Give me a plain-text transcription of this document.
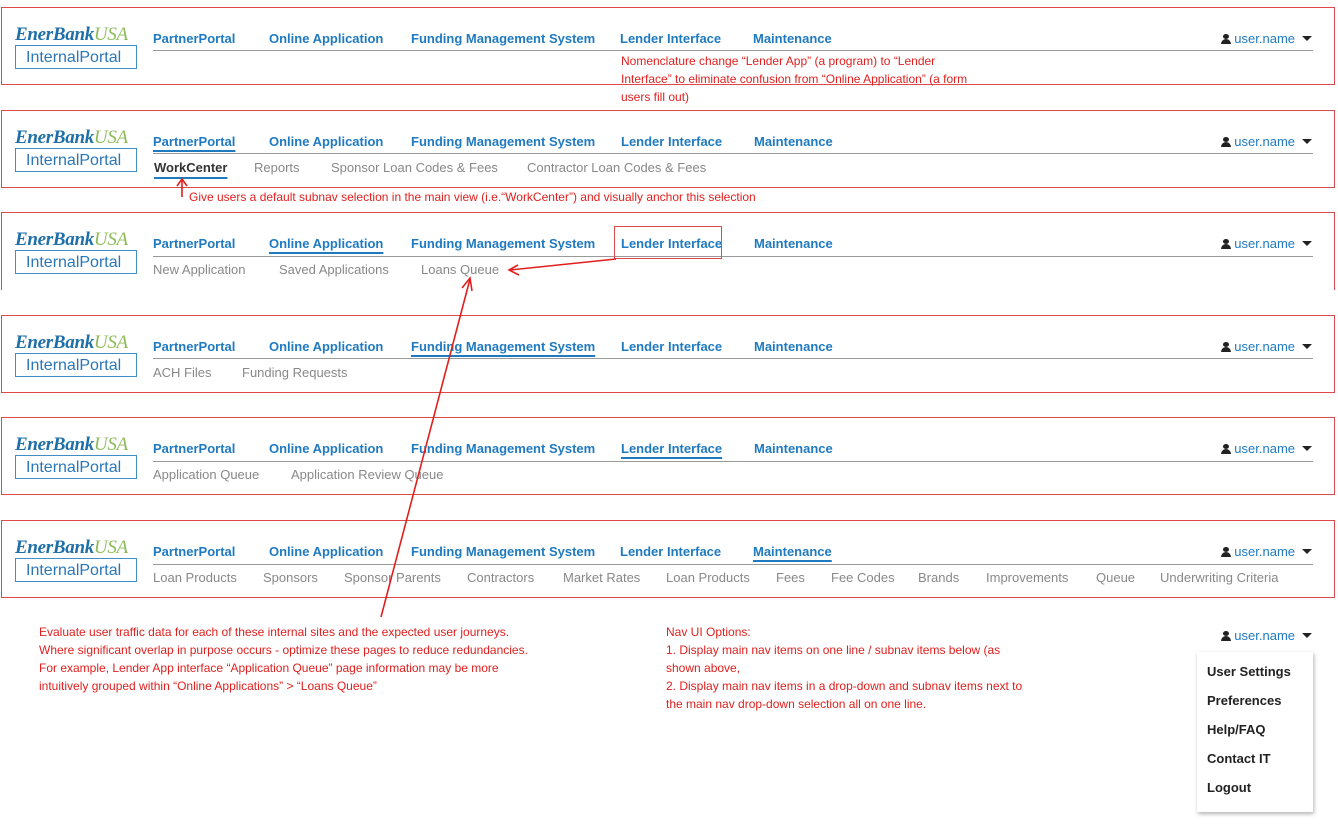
EnerBankUSA
InternalPortal
PartnerPortal	Online Application Funding Management System Lender Interface Maintenance	user.name
Nomenclature change “Lender App” (a program) to “Lender
Interface” to eliminate confusion from “Online Application” (a form
users fill out)
EnerBankUSA
InternalPortal
PartnerPortal	Online Application Funding Management System Lender Interface Maintenance	user.name
WorkCenter Reports Sponsor Loan Codes & Fees Contractor Loan Codes & Fees
Give users a default subnav selection in the main view (i.e.“WorkCenter”) and visually anchor this selection
EnerBankUSA
InternalPortal
PartnerPortal	Online Application Funding Management System Lender Interface Maintenance	user.name
New Application	Saved Applications Loans Queue
EnerBankUSA
InternalPortal
PartnerPortal	Online Application Funding Management System Lender Interface Maintenance	user.name
ACH Files Funding Requests
EnerBankUSA
InternalPortal
PartnerPortal	Online Application Funding Management System Lender Interface Maintenance	user.name
Application Queue Application Review Queue
EnerBankUSA
InternalPortal
PartnerPortal	Online Application Funding Management System Lender Interface Maintenance	user.name
Loan Products Sponsors Sponsor Parents Contractors Market Rates Loan Products Fees Fee Codes Brands Improvements Queue Underwriting Criteria
Evaluate user traffic data for each of these internal sites and the expected user journeys.
Where significant overlap in purpose occurs - optimize these pages to reduce redundancies.
For example, Lender App interface “Application Queue” page information may be more
intuitively grouped within “Online Applications” > “Loans Queue”
Nav UI Options:
1. Display main nav items on one line / subnav items below (as
shown above,
2. Display main nav items in a drop-down and subnav items next to
the main nav drop-down selection all on one line.
user.name
User Settings
Preferences
Help/FAQ
Contact IT
Logout
